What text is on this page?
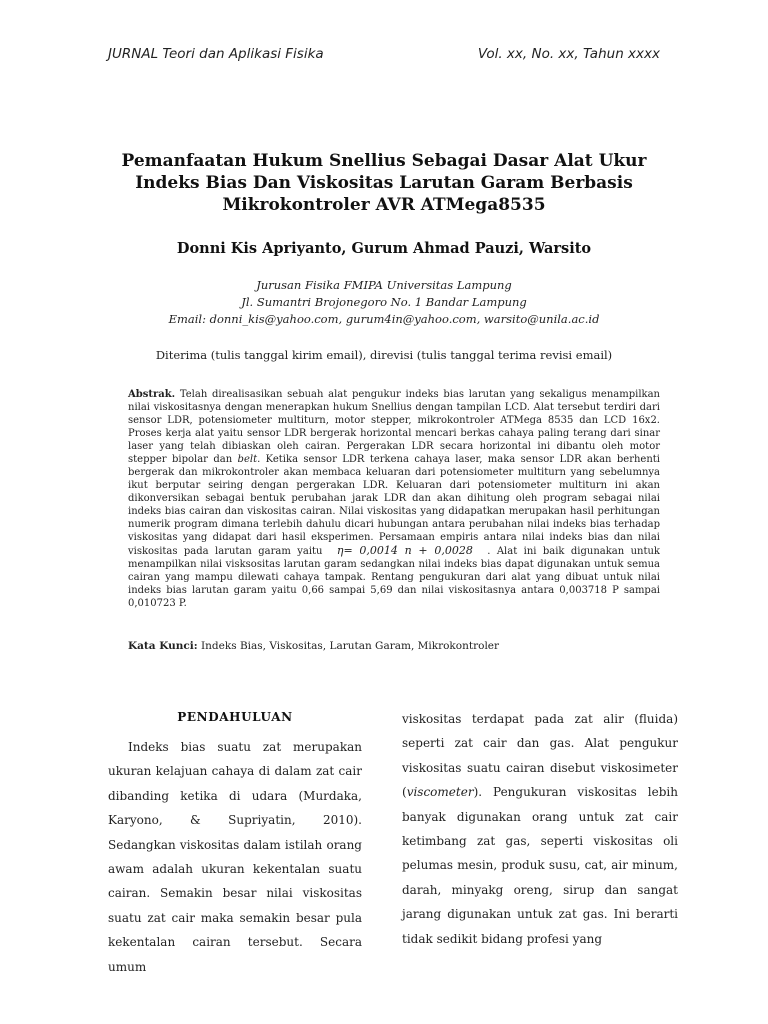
JURNAL Teori dan Aplikasi Fisika	Vol. xx, No. xx, Tahun xxxx
Pemanfaatan Hukum Snellius Sebagai Dasar Alat Ukur Indeks Bias Dan Viskositas Larutan Garam Berbasis Mikrokontroler AVR ATMega8535
Donni Kis Apriyanto, Gurum Ahmad Pauzi, Warsito
Jurusan Fisika FMIPA Universitas Lampung
Jl. Sumantri Brojonegoro No. 1 Bandar Lampung
Email: donni_kis@yahoo.com, gurum4in@yahoo.com, warsito@unila.ac.id
Diterima (tulis tanggal kirim email), direvisi (tulis tanggal terima revisi email)
Abstrak. Telah direalisasikan sebuah alat pengukur indeks bias larutan yang sekaligus menampilkan nilai viskositasnya dengan menerapkan hukum Snellius dengan tampilan LCD. Alat tersebut terdiri dari sensor LDR, potensiometer multiturn, motor stepper, mikrokontroler ATMega 8535 dan LCD 16x2. Proses kerja alat yaitu sensor LDR bergerak horizontal mencari berkas cahaya paling terang dari sinar laser yang telah dibiaskan oleh cairan. Pergerakan LDR secara horizontal ini dibantu oleh motor stepper bipolar dan belt. Ketika sensor LDR terkena cahaya laser, maka sensor LDR akan berhenti bergerak dan mikrokontroler akan membaca keluaran dari potensiometer multiturn yang sebelumnya ikut berputar seiring dengan pergerakan LDR. Keluaran dari potensiometer multiturn ini akan dikonversikan sebagai bentuk perubahan jarak LDR dan akan dihitung oleh program sebagai nilai indeks bias cairan dan viskositas cairan. Nilai viskositas yang didapatkan merupakan hasil perhitungan numerik program dimana terlebih dahulu dicari hubungan antara perubahan nilai indeks bias terhadap viskositas yang didapat dari hasil eksperimen. Persamaan empiris antara nilai indeks bias dan nilai viskositas pada larutan garam yaitu η= 0,0014 n + 0,0028 . Alat ini baik digunakan untuk menampilkan nilai visksositas larutan garam sedangkan nilai indeks bias dapat digunakan untuk semua cairan yang mampu dilewati cahaya tampak. Rentang pengukuran dari alat yang dibuat untuk nilai indeks bias larutan garam yaitu 0,66 sampai 5,69 dan nilai viskositasnya antara 0,003718 P sampai 0,010723 P.
Kata Kunci: Indeks Bias, Viskositas, Larutan Garam, Mikrokontroler
PENDAHULUAN
Indeks bias suatu zat merupakan ukuran kelajuan cahaya di dalam zat cair dibanding ketika di udara (Murdaka, Karyono, & Supriyatin, 2010). Sedangkan viskositas dalam istilah orang awam adalah ukuran kekentalan suatu cairan. Semakin besar nilai viskositas suatu zat cair maka semakin besar pula kekentalan cairan tersebut. Secara umum
viskositas terdapat pada zat alir (fluida) seperti zat cair dan gas. Alat pengukur viskositas suatu cairan disebut viskosimeter (viscometer). Pengukuran viskositas lebih banyak digunakan orang untuk zat cair ketimbang zat gas, seperti viskositas oli pelumas mesin, produk susu, cat, air minum, darah, minyakg oreng, sirup dan sangat jarang digunakan untuk zat gas. Ini berarti tidak sedikit bidang profesi yang
